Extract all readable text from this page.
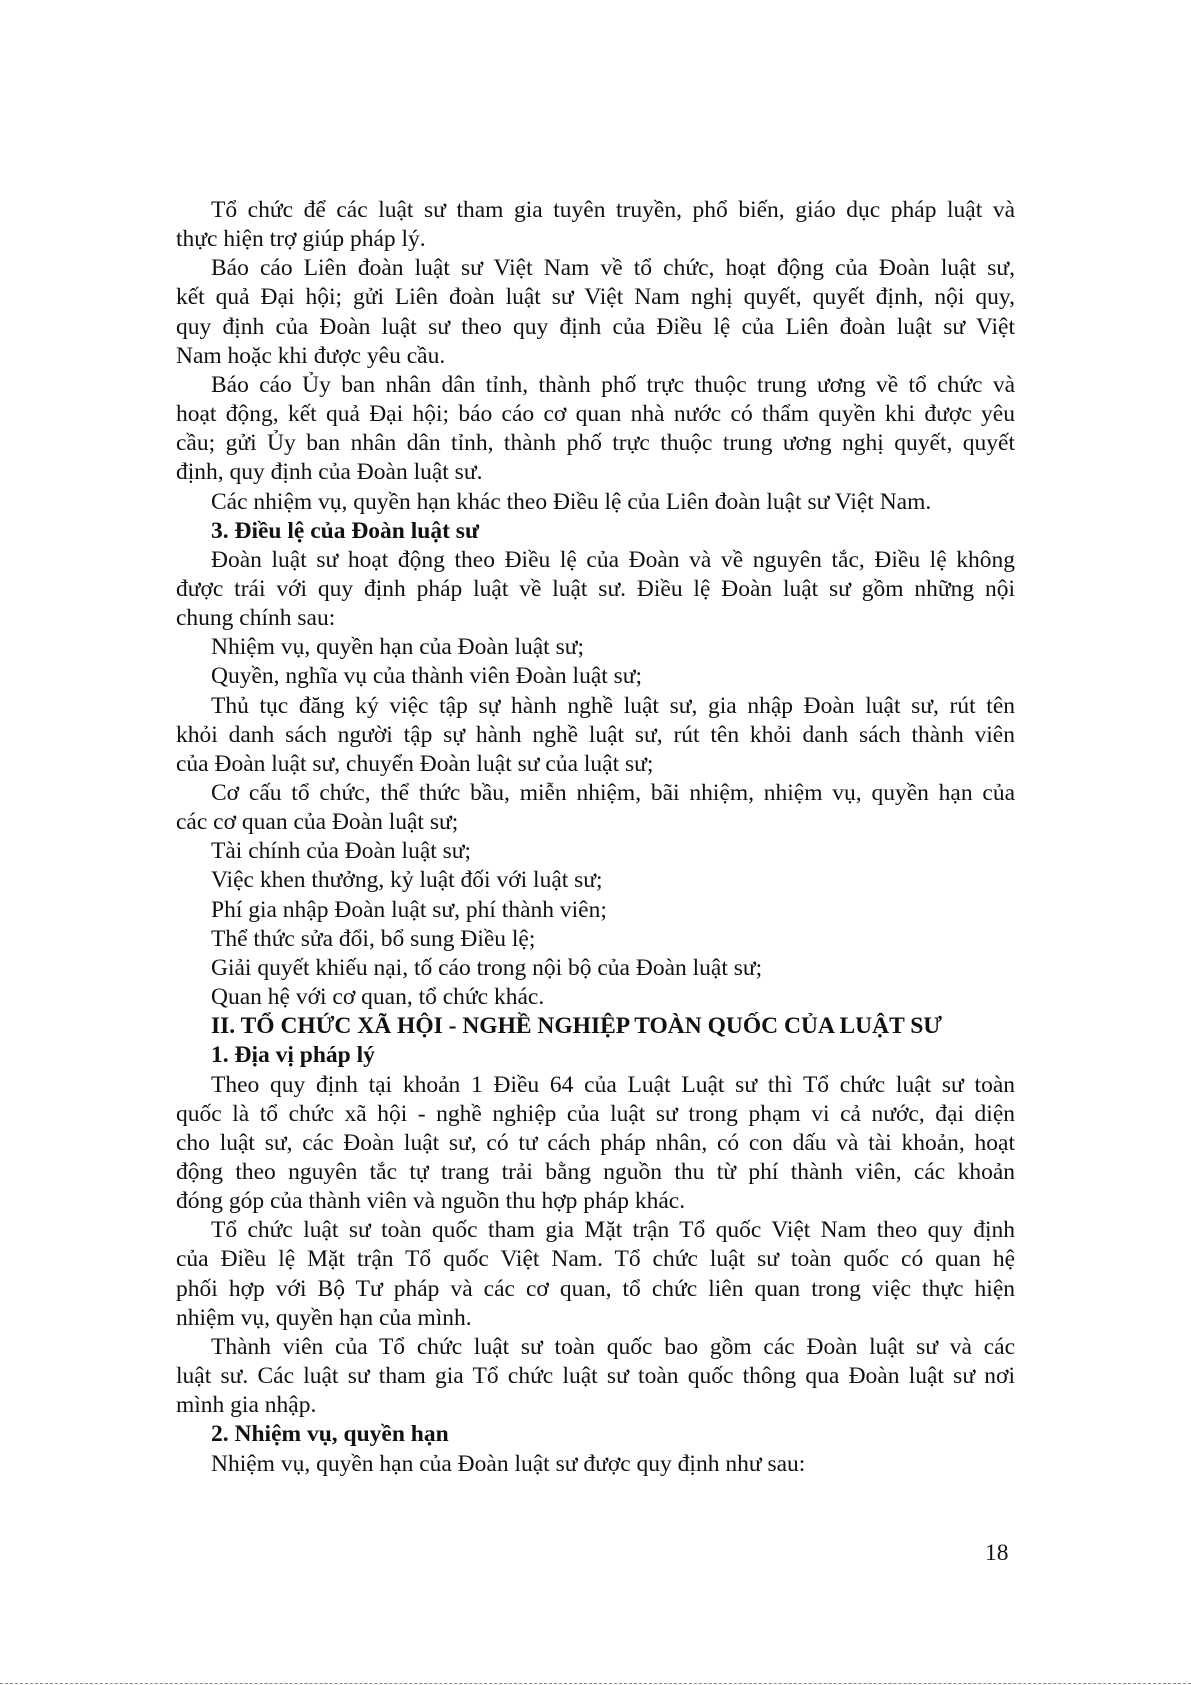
Tổ chức để các luật sư tham gia tuyên truyền, phổ biến, giáo dục pháp luật và
thực hiện trợ giúp pháp lý.
Báo cáo Liên đoàn luật sư Việt Nam về tổ chức, hoạt động của Đoàn luật sư,
kết quả Đại hội; gửi Liên đoàn luật sư Việt Nam nghị quyết, quyết định, nội quy,
quy định của Đoàn luật sư theo quy định của Điều lệ của Liên đoàn luật sư Việt
Nam hoặc khi được yêu cầu.
Báo cáo Ủy ban nhân dân tỉnh, thành phố trực thuộc trung ương về tổ chức và
hoạt động, kết quả Đại hội; báo cáo cơ quan nhà nước có thẩm quyền khi được yêu
cầu; gửi Ủy ban nhân dân tỉnh, thành phố trực thuộc trung ương nghị quyết, quyết
định, quy định của Đoàn luật sư.
Các nhiệm vụ, quyền hạn khác theo Điều lệ của Liên đoàn luật sư Việt Nam.
3. Điều lệ của Đoàn luật sư
Đoàn luật sư hoạt động theo Điều lệ của Đoàn và về nguyên tắc, Điều lệ không
được trái với quy định pháp luật về luật sư. Điều lệ Đoàn luật sư gồm những nội
chung chính sau:
Nhiệm vụ, quyền hạn của Đoàn luật sư;
Quyền, nghĩa vụ của thành viên Đoàn luật sư;
Thủ tục đăng ký việc tập sự hành nghề luật sư, gia nhập Đoàn luật sư, rút tên
khỏi danh sách người tập sự hành nghề luật sư, rút tên khỏi danh sách thành viên
của Đoàn luật sư, chuyển Đoàn luật sư của luật sư;
Cơ cấu tổ chức, thể thức bầu, miễn nhiệm, bãi nhiệm, nhiệm vụ, quyền hạn của
các cơ quan của Đoàn luật sư;
Tài chính của Đoàn luật sư;
Việc khen thưởng, kỷ luật đối với luật sư;
Phí gia nhập Đoàn luật sư, phí thành viên;
Thể thức sửa đổi, bổ sung Điều lệ;
Giải quyết khiếu nại, tố cáo trong nội bộ của Đoàn luật sư;
Quan hệ với cơ quan, tổ chức khác.
II. TỔ CHỨC XÃ HỘI - NGHỀ NGHIỆP TOÀN QUỐC CỦA LUẬT SƯ
1. Địa vị pháp lý
Theo quy định tại khoản 1 Điều 64 của Luật Luật sư thì Tổ chức luật sư toàn
quốc là tổ chức xã hội - nghề nghiệp của luật sư trong phạm vi cả nước, đại diện
cho luật sư, các Đoàn luật sư, có tư cách pháp nhân, có con dấu và tài khoản, hoạt
động theo nguyên tắc tự trang trải bằng nguồn thu từ phí thành viên, các khoản
đóng góp của thành viên và nguồn thu hợp pháp khác.
Tổ chức luật sư toàn quốc tham gia Mặt trận Tổ quốc Việt Nam theo quy định
của Điều lệ Mặt trận Tổ quốc Việt Nam. Tổ chức luật sư toàn quốc có quan hệ
phối hợp với Bộ Tư pháp và các cơ quan, tổ chức liên quan trong việc thực hiện
nhiệm vụ, quyền hạn của mình.
Thành viên của Tổ chức luật sư toàn quốc bao gồm các Đoàn luật sư và các
luật sư. Các luật sư tham gia Tổ chức luật sư toàn quốc thông qua Đoàn luật sư nơi
mình gia nhập.
2. Nhiệm vụ, quyền hạn
Nhiệm vụ, quyền hạn của Đoàn luật sư được quy định như sau:
18
